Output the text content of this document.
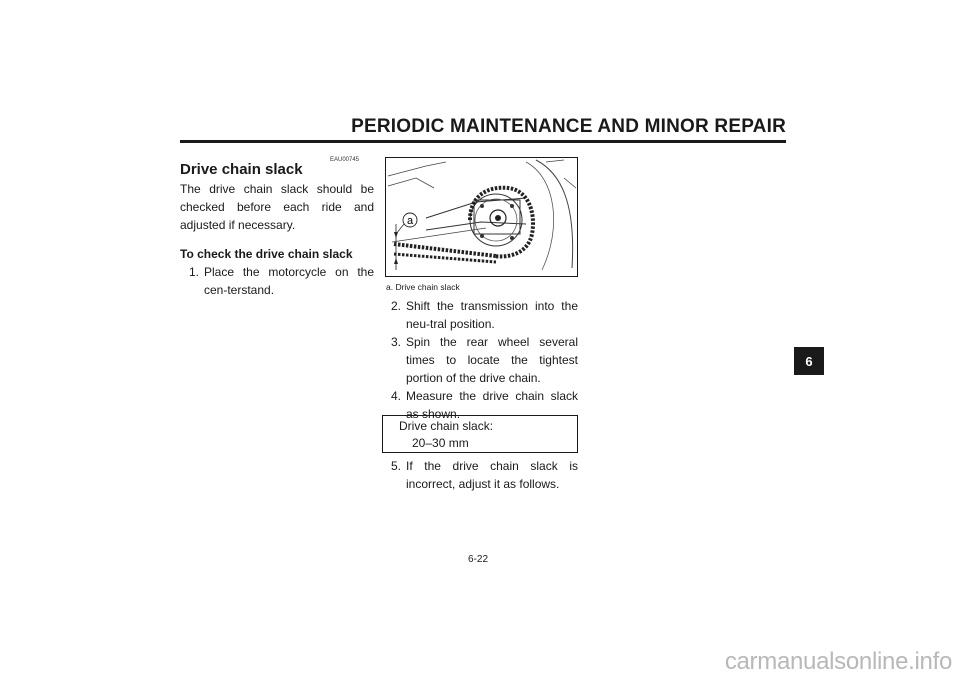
PERIODIC MAINTENANCE AND MINOR REPAIR
EAU00745
Drive chain slack

The drive chain slack should be checked before each ride and adjusted if necessary.

To check the drive chain slack

1. Place the motorcycle on the cen-terstand.
a
a. Drive chain slack
2. Shift the transmission into the neu-tral position.
3. Spin the rear wheel several times to locate the tightest portion of the drive chain.
4. Measure the drive chain slack as shown.
Drive chain slack:
20–30 mm
5. If the drive chain slack is incorrect, adjust it as follows.
6-22
6
carmanualsonline.info
